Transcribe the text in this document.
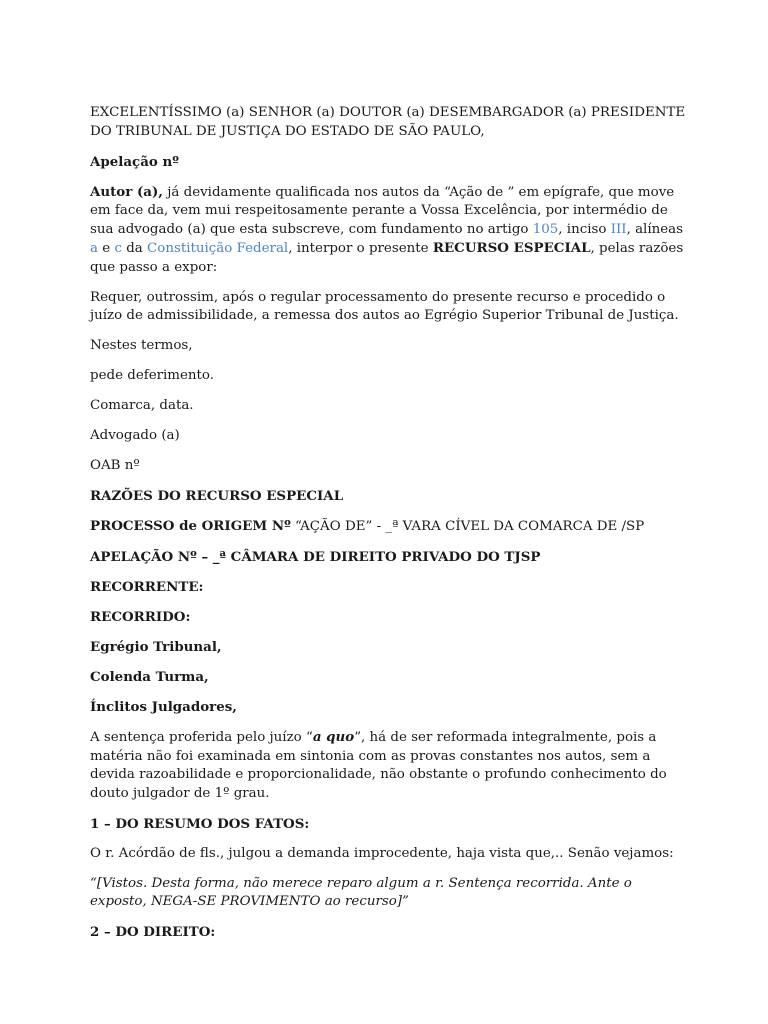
EXCELENTÍSSIMO (a) SENHOR (a) DOUTOR (a) DESEMBARGADOR (a) PRESIDENTE DO TRIBUNAL DE JUSTIÇA DO ESTADO DE SÃO PAULO,

Apelação nº

Autor (a), já devidamente qualificada nos autos da “Ação de ” em epígrafe, que move em face da, vem mui respeitosamente perante a Vossa Excelência, por intermédio de sua advogado (a) que esta subscreve, com fundamento no artigo 105, inciso III, alíneas a e c da Constituição Federal, interpor o presente RECURSO ESPECIAL, pelas razões que passo a expor:

Requer, outrossim, após o regular processamento do presente recurso e procedido o juízo de admissibilidade, a remessa dos autos ao Egrégio Superior Tribunal de Justiça.

Nestes termos,

pede deferimento.

Comarca, data.

Advogado (a)

OAB nº

RAZÕES DO RECURSO ESPECIAL

PROCESSO de ORIGEM Nº “AÇÃO DE” - _ª VARA CÍVEL DA COMARCA DE /SP

APELAÇÃO Nº – _ª CÂMARA DE DIREITO PRIVADO DO TJSP

RECORRENTE:

RECORRIDO:

Egrégio Tribunal,

Colenda Turma,

Ínclitos Julgadores,

A sentença proferida pelo juízo “a quo”, há de ser reformada integralmente, pois a matéria não foi examinada em sintonia com as provas constantes nos autos, sem a devida razoabilidade e proporcionalidade, não obstante o profundo conhecimento do douto julgador de 1º grau.

1 – DO RESUMO DOS FATOS:

O r. Acórdão de fls., julgou a demanda improcedente, haja vista que,.. Senão vejamos:

“[Vistos. Desta forma, não merece reparo algum a r. Sentença recorrida. Ante o exposto, NEGA-SE PROVIMENTO ao recurso]”

2 – DO DIREITO:
